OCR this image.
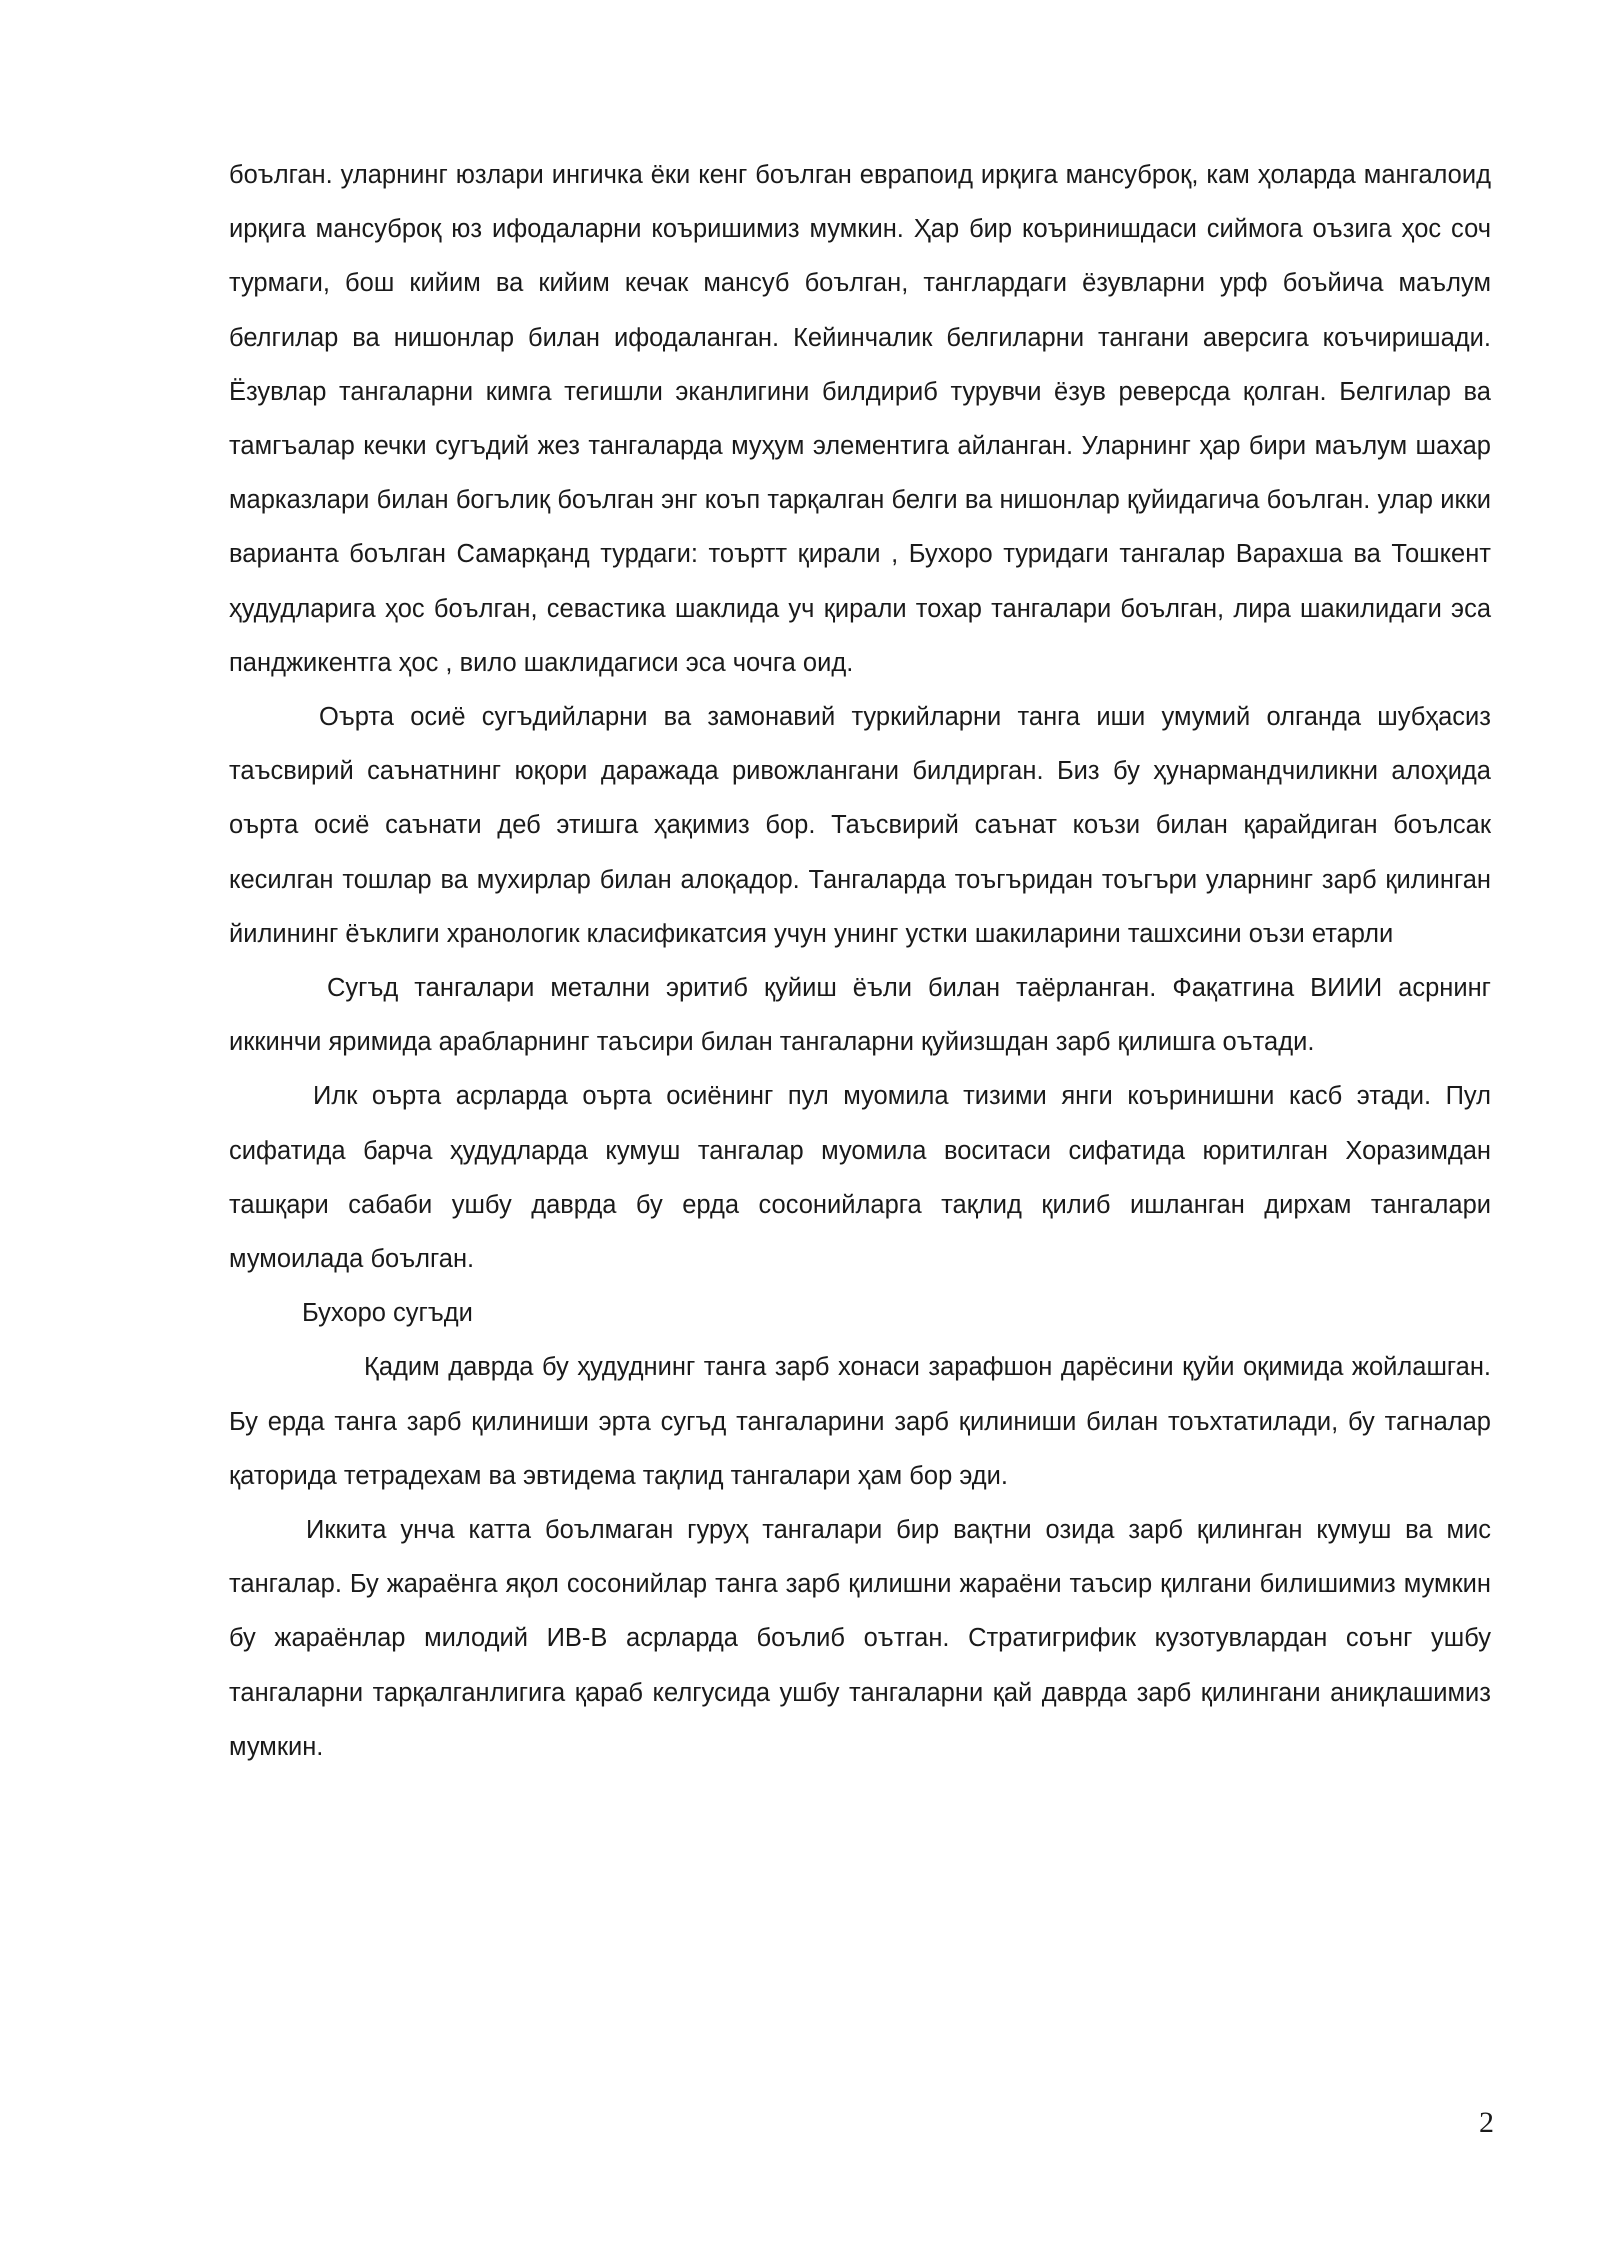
боълган. уларнинг юзлари ингичка ёки кенг боълган еврапоид ирқига мансуброқ, кам ҳоларда мангалоид ирқига мансуброқ юз ифодаларни коъришимиз мумкин. Ҳар бир коъринишдаси сиймога оъзига ҳос соч турмаги, бош кийим ва кийим кечак мансуб боълган, танглардаги ёзувларни урф боъйича маълум белгилар ва нишонлар билан ифодаланган. Кейинчалик белгиларни тангани аверсига коъчиришади. Ёзувлар тангаларни кимга тегишли эканлигини билдириб турувчи ёзув реверсда қолган. Белгилар ва тамгъалар кечки сугъдий жез тангаларда муҳум элементига айланган. Уларнинг ҳар бири маълум шахар марказлари билан богълиқ боълган энг коъп тарқалган белги ва нишонлар қуйидагича боълган. улар икки варианта боълган Самарқанд турдаги: тоъртт қирали , Бухоро туридаги тангалар Варахша ва Тошкент ҳудудларига ҳос боълган, севастика шаклида уч қирали тохар тангалари боълган, лира шакилидаги эса панджикентга ҳос , вило шаклидагиси эса чочга оид.

Оърта осиё сугъдийларни ва замонавий туркийларни танга иши умумий олганда шубҳасиз таъсвирий саънатнинг юқори даражада ривожлангани билдирган. Биз бу ҳунармандчиликни алоҳида оърта осиё саънати деб этишга ҳақимиз бор. Таъсвирий саънат коъзи билан қарайдиган боълсак кесилган тошлар ва мухирлар билан алоқадор. Тангаларда тоъгъридан тоъгъри уларнинг зарб қилинган йилининг ёъклиги хранологик класификатсия учун унинг устки шакиларини ташхсини оъзи етарли

Сугъд тангалари метални эритиб қуйиш ёъли билан таёрланган. Фақатгина ВИИИ асрнинг иккинчи яримида арабларнинг таъсири билан тангаларни қуйизшдан зарб қилишга оътади.

Илк оърта асрларда оърта осиёнинг пул муомила тизими янги коъринишни касб этади. Пул сифатида барча ҳудудларда кумуш тангалар муомила воситаси сифатида юритилган Хоразимдан ташқари сабаби ушбу даврда бу ерда сосонийларга тақлид қилиб ишланган дирхам тангалари мумоилада боълган.

Бухоро сугъди

Қадим даврда бу ҳудуднинг танга зарб хонаси зарафшон дарёсини қуйи оқимида жойлашган. Бу ерда танга зарб қилиниши эрта сугъд тангаларини зарб қилиниши билан тоъхтатилади, бу тагналар қаторида тетрадехам ва эвтидема тақлид тангалари ҳам бор эди.

Иккита унча катта боълмаган гуруҳ тангалари бир вақтни озида зарб қилинган кумуш ва мис тангалар. Бу жараёнга яқол сосонийлар танга зарб қилишни жараёни таъсир қилгани билишимиз мумкин бу жараёнлар милодий ИВ-В асрларда боълиб оътган. Стратигрифик кузотувлардан соънг ушбу тангаларни тарқалганлигига қараб келгусида ушбу тангаларни қай даврда зарб қилингани аниқлашимиз мумкин.

2
